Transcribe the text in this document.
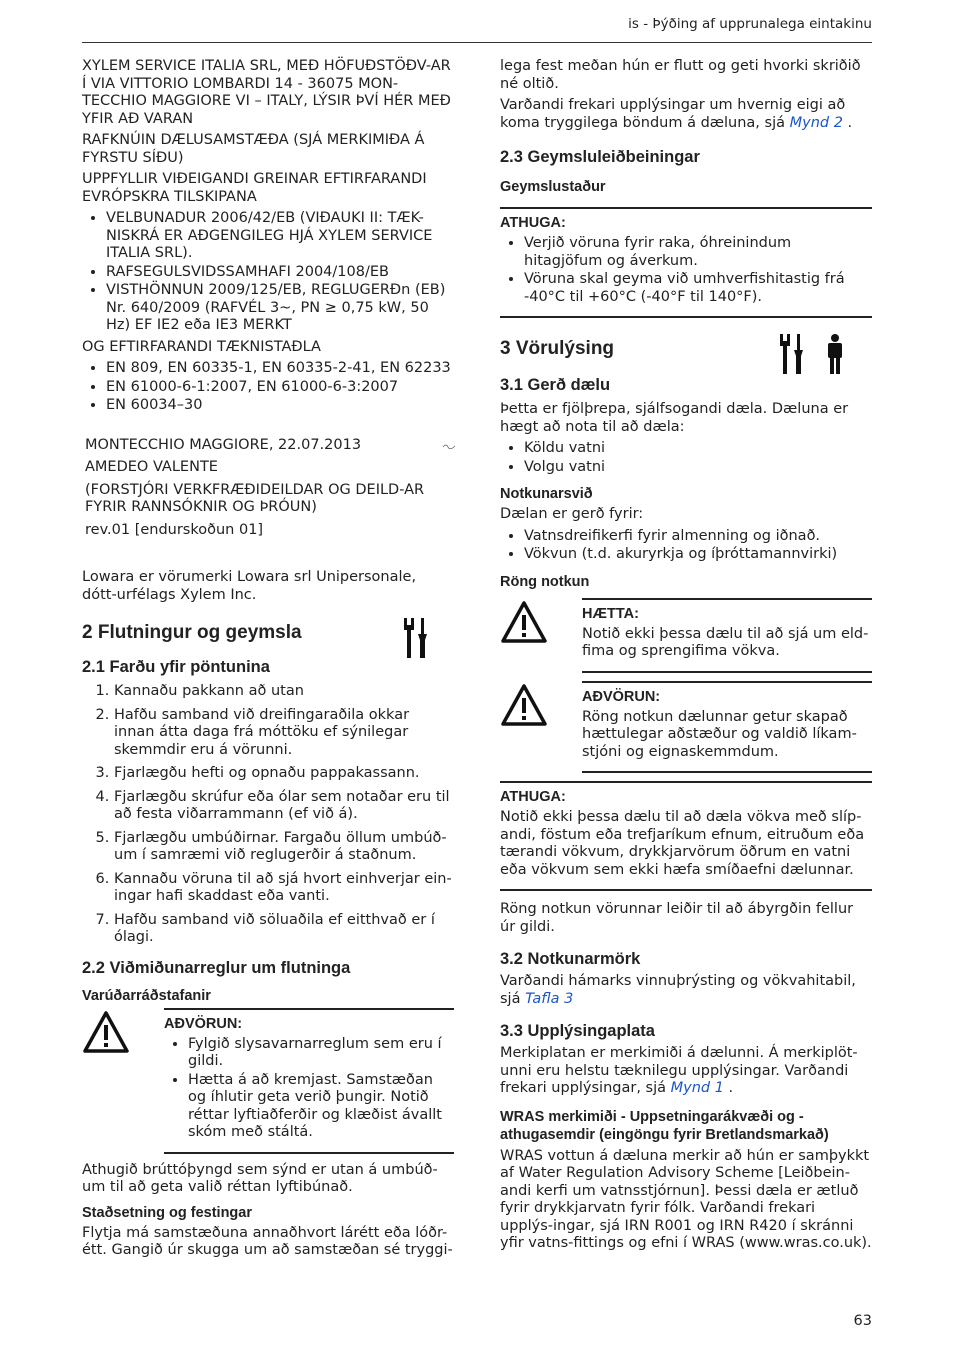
is - Þýðing af upprunalega eintakinu
XYLEM SERVICE ITALIA SRL, MEÐ HÖFUÐSTÖÐV-AR Í VIA VITTORIO LOMBARDI 14 - 36075 MON-TECCHIO MAGGIORE VI – ITALY, LÝSIR ÞVÍ HÉR MEÐ YFIR AÐ VARAN
RAFKNÚIN DÆLUSAMSTÆÐA (SJÁ MERKIMIÐA Á FYRSTU SÍÐU)
UPPFYLLIR VIÐEIGANDI GREINAR EFTIRFARANDI EVRÓPSKRA TILSKIPANA
• VELBUNADUR 2006/42/EB (VIÐAUKI II: TÆK-NISKRÁ ER AÐGENGILEG HJÁ XYLEM SERVICE ITALIA SRL).
• RAFSEGULSVIDSSAMHAFI 2004/108/EB
• VISTHÖNNUN 2009/125/EB, REGLUGERÐn (EB) Nr. 640/2009 (RAFVÉL 3~, PN ≥ 0,75 kW, 50 Hz) EF IE2 eða IE3 MERKT
OG EFTIRFARANDI TÆKNISTAÐLA
• EN 809, EN 60335-1, EN 60335-2-41, EN 62233
• EN 61000-6-1:2007, EN 61000-6-3:2007
• EN 60034–30

MONTECCHIO MAGGIORE, 22.07.2013

AMEDEO VALENTE

(FORSTJÓRI VERKFRÆÐIDEILDAR OG DEILD-AR FYRIR RANNSÓKNIR OG ÞRÓUN)

rev.01 [endurskoðun 01]

Lowara er vörumerki Lowara srl Unipersonale, dótt-urfélags Xylem Inc.

2 Flutningur og geymsla
2.1 Farðu yfir pöntunina
1. Kannaðu pakkann að utan
2. Hafðu samband við dreifingaraðila okkar innan átta daga frá móttöku ef sýnilegar skemmdir eru á vörunni.
3. Fjarlægðu hefti og opnaðu pappakassann.
4. Fjarlægðu skrúfur eða ólar sem notaðar eru til að festa viðarrammann (ef við á).
5. Fjarlægðu umbúðirnar. Fargaðu öllum umbúð-um í samræmi við reglugerðir á staðnum.
6. Kannaðu vöruna til að sjá hvort einhverjar ein-ingar hafi skaddast eða vanti.
7. Hafðu samband við söluaðila ef eitthvað er í ólagi.
2.2 Viðmiðunarreglur um flutninga
Varúðarráðstafanir
AÐVÖRUN:
• Fylgið slysavarnarreglum sem eru í gildi.
• Hætta á að kremjast. Samstæðan og íhlutir geta verið þungir. Notið réttar lyftiaðferðir og klæðist ávallt skóm með stáltá.

Athugið brúttóþyngd sem sýnd er utan á umbúð-um til að geta valið réttan lyftibúnað.

Staðsetning og festingar

Flytja má samstæðuna annaðhvort lárétt eða lóðr-étt. Gangið úr skugga um að samstæðan sé tryggi-

lega fest meðan hún er flutt og geti hvorki skriðið né oltið.

Varðandi frekari upplýsingar um hvernig eigi að koma tryggilega böndum á dæluna, sjá Mynd 2 .

2.3 Geymsluleiðbeiningar
Geymslustaður
ATHUGA:
• Verjið vöruna fyrir raka, óhreinindum hitagjöfum og áverkum.
• Vöruna skal geyma við umhverfishitastig frá -40°C til +60°C (-40°F til 140°F).
3 Vörulýsing
3.1 Gerð dælu

Þetta er fjölþrepa, sjálfsogandi dæla. Dæluna er hægt að nota til að dæla:

• Köldu vatni
• Volgu vatni
Notkunarsvið

Dælan er gerð fyrir:

• Vatnsdreifikerfi fyrir almenning og iðnað.
• Vökvun (t.d. akuryrkja og íþróttamannvirki)
Röng notkun
HÆTTA:

Notið ekki þessa dælu til að sjá um eld-fima og sprengifima vökva.

AÐVÖRUN:

Röng notkun dælunnar getur skapað hættulegar aðstæður og valdið líkam-stjóni og eignaskemmdum.

ATHUGA:

Notið ekki þessa dælu til að dæla vökva með slíp-andi, föstum eða trefjaríkum efnum, eitruðum eða tærandi vökvum, drykkjarvörum öðrum en vatni eða vökvum sem ekki hæfa smíðaefni dælunnar.

Röng notkun vörunnar leiðir til að ábyrgðin fellur úr gildi.

3.2 Notkunarmörk

Varðandi hámarks vinnuþrýsting og vökvahitabil, sjá Tafla 3

3.3 Upplýsingaplata

Merkiplatan er merkimiði á dælunni. Á merkiplöt-unni eru helstu tæknilegu upplýsingar. Varðandi frekari upplýsingar, sjá Mynd 1 .

WRAS merkimiði - Uppsetningarákvæði og - athugasemdir (eingöngu fyrir Bretlandsmarkað)

WRAS vottun á dæluna merkir að hún er samþykkt af Water Regulation Advisory Scheme [Leiðbein-andi kerfi um vatnsstjórnun]. Þessi dæla er ætluð fyrir drykkjarvatn fyrir fólk. Varðandi frekari upplýs-ingar, sjá IRN R001 og IRN R420 í skránni yfir vatns-fittings og efni í WRAS (www.wras.co.uk).

63
